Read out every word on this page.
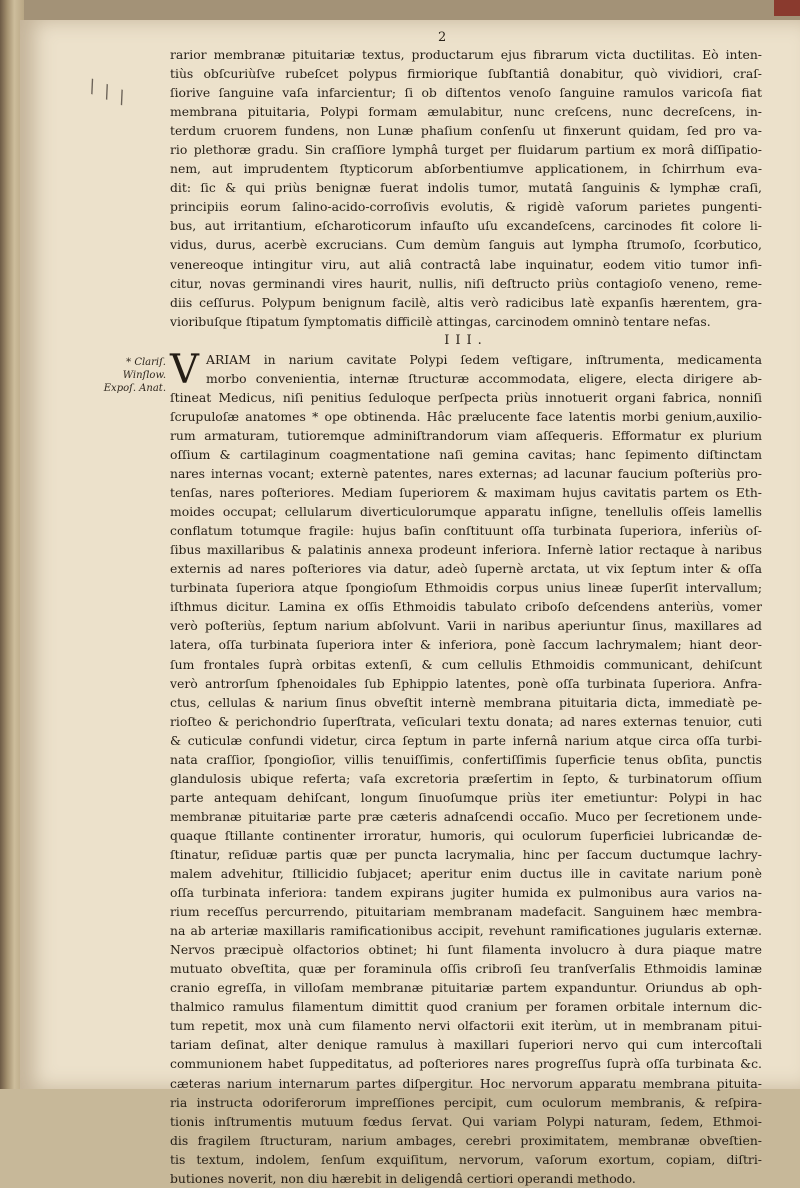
2
\ \ \
* Clariſ.
Winſlow.
Expoſ. Anat.
rarior membranæ pituitariæ textus, productarum ejus fibrarum victa ductilitas. Eò inten-
tiùs obſcuriùſve rubeſcet polypus firmiorique ſubſtantiâ donabitur, quò vividiori, craſ-
ſiorive ſanguine vaſa infarcientur; ſi ob diſtentos venoſo ſanguine ramulos varicoſa fiat
membrana pituitaria, Polypi formam æmulabitur, nunc creſcens, nunc decreſcens, in-
terdum cruorem fundens, non Lunæ phaſium conſenſu ut finxerunt quidam, ſed pro va-
rio plethoræ gradu. Sin craſſiore lymphâ turget per fluidarum partium ex morâ diſſipatio-
nem, aut imprudentem ſtypticorum abſorbentiumve applicationem, in ſchirrhum eva-
dit: ſic & qui priùs benignæ fuerat indolis tumor, mutatâ ſanguinis & lymphæ craſi,
principiis eorum ſalino-acido-corroſivis evolutis, & rigidè vaſorum parietes pungenti-
bus, aut irritantium, eſcharoticorum infauſto uſu excandeſcens, carcinodes fit colore li-
vidus, durus, acerbè excrucians. Cum demùm ſanguis aut lympha ſtrumoſo, ſcorbutico,
venereoque intingitur viru, aut aliâ contractâ labe inquinatur, eodem vitio tumor infi-
citur, novas germinandi vires haurit, nullis, niſi deſtructo priùs contagioſo veneno, reme-
diis ceſſurus. Polypum benignum facilè, altis verò radicibus latè expanſis hærentem, gra-
vioribuſque ſtipatum ſymptomatis difficilè attingas, carcinodem omninò tentare nefas.
III.
V ARIAM in narium cavitate Polypi ſedem veſtigare, inſtrumenta, medicamenta
morbo convenientia, internæ ſtructuræ accommodata, eligere, electa dirigere ab-
ſtineat Medicus, niſi penitius ſeduloque perſpecta priùs innotuerit organi fabrica, nonniſi
ſcrupuloſæ anatomes * ope obtinenda. Hâc prælucente face latentis morbi genium,auxilio-
rum armaturam, tutioremque adminiſtrandorum viam aſſequeris. Efformatur ex plurium
oſſium & cartilaginum coagmentatione naſi gemina cavitas; hanc ſepimento diſtinctam
nares internas vocant; externè patentes, nares externas; ad lacunar faucium poſteriùs pro-
tenſas, nares poſteriores. Mediam ſuperiorem & maximam hujus cavitatis partem os Eth-
moides occupat; cellularum diverticulorumque apparatu inſigne, tenellulis oſſeis lamellis
conflatum totumque fragile: hujus baſin conſtituunt oſſa turbinata ſuperiora, inferiùs oſ-
ſibus maxillaribus & palatinis annexa prodeunt inferiora. Infernè latior rectaque à naribus
externis ad nares poſteriores via datur, adeò ſupernè arctata, ut vix ſeptum inter & oſſa
turbinata ſuperiora atque ſpongioſum Ethmoidis corpus unius lineæ ſuperſit intervallum;
iſthmus dicitur. Lamina ex oſſis Ethmoidis tabulato criboſo deſcendens anteriùs, vomer
verò poſteriùs, ſeptum narium abſolvunt. Varii in naribus aperiuntur ſinus, maxillares ad
latera, oſſa turbinata ſuperiora inter & inferiora, ponè ſaccum lachrymalem; hiant deor-
ſum frontales ſuprà orbitas extenſi, & cum cellulis Ethmoidis communicant, dehiſcunt
verò antrorſum ſphenoidales ſub Ephippio latentes, ponè oſſa turbinata ſuperiora. Anfra-
ctus, cellulas & narium ſinus obveſtit internè membrana pituitaria dicta, immediatè pe-
rioſteo & perichondrio ſuperſtrata, veſiculari textu donata; ad nares externas tenuior, cuti
& cuticulæ confundi videtur, circa ſeptum in parte infernâ narium atque circa oſſa turbi-
nata craſſior, ſpongioſior, villis tenuiſſimis, confertiſſimis ſuperficie tenus obſita, punctis
glandulosis ubique referta; vaſa excretoria præſertim in ſepto, & turbinatorum oſſium
parte antequam dehiſcant, longum ſinuoſumque priùs iter emetiuntur: Polypi in hac
membranæ pituitariæ parte præ cæteris adnaſcendi occaſio. Muco per ſecretionem unde-
quaque ſtillante continenter irroratur, humoris, qui oculorum ſuperficiei lubricandæ de-
ſtinatur, reſiduæ partis quæ per puncta lacrymalia, hinc per ſaccum ductumque lachry-
malem advehitur, ſtillicidio ſubjacet; aperitur enim ductus ille in cavitate narium ponè
oſſa turbinata inferiora: tandem expirans jugiter humida ex pulmonibus aura varios na-
rium receſſus percurrendo, pituitariam membranam madefacit. Sanguinem hæc membra-
na ab arteriæ maxillaris ramificationibus accipit, revehunt ramificationes jugularis externæ.
Nervos præcipuè olfactorios obtinet; hi ſunt filamenta involucro à dura piaque matre
mutuato obveſtita, quæ per foraminula oſſis cribroſi ſeu tranſverſalis Ethmoidis laminæ
cranio egreſſa, in villoſam membranæ pituitariæ partem expanduntur. Oriundus ab oph-
thalmico ramulus filamentum dimittit quod cranium per foramen orbitale internum dic-
tum repetit, mox unà cum filamento nervi olfactorii exit iterùm, ut in membranam pitui-
tariam deſinat, alter denique ramulus à maxillari ſuperiori nervo qui cum intercoſtali
communionem habet ſuppeditatus, ad poſteriores nares progreſſus ſuprà oſſa turbinata &c.
cæteras narium internarum partes diſpergitur. Hoc nervorum apparatu membrana pituita-
ria instructa odoriferorum impreſſiones percipit, cum oculorum membranis, & reſpira-
tionis inſtrumentis mutuum fœdus ſervat. Qui variam Polypi naturam, ſedem, Ethmoi-
dis fragilem ſtructuram, narium ambages, cerebri proximitatem, membranæ obveſtien-
tis textum, indolem, ſenſum exquiſitum, nervorum, vaſorum exortum, copiam, diſtri-
butiones noverit, non diu hærebit in deligendâ certiori operandi methodo.
